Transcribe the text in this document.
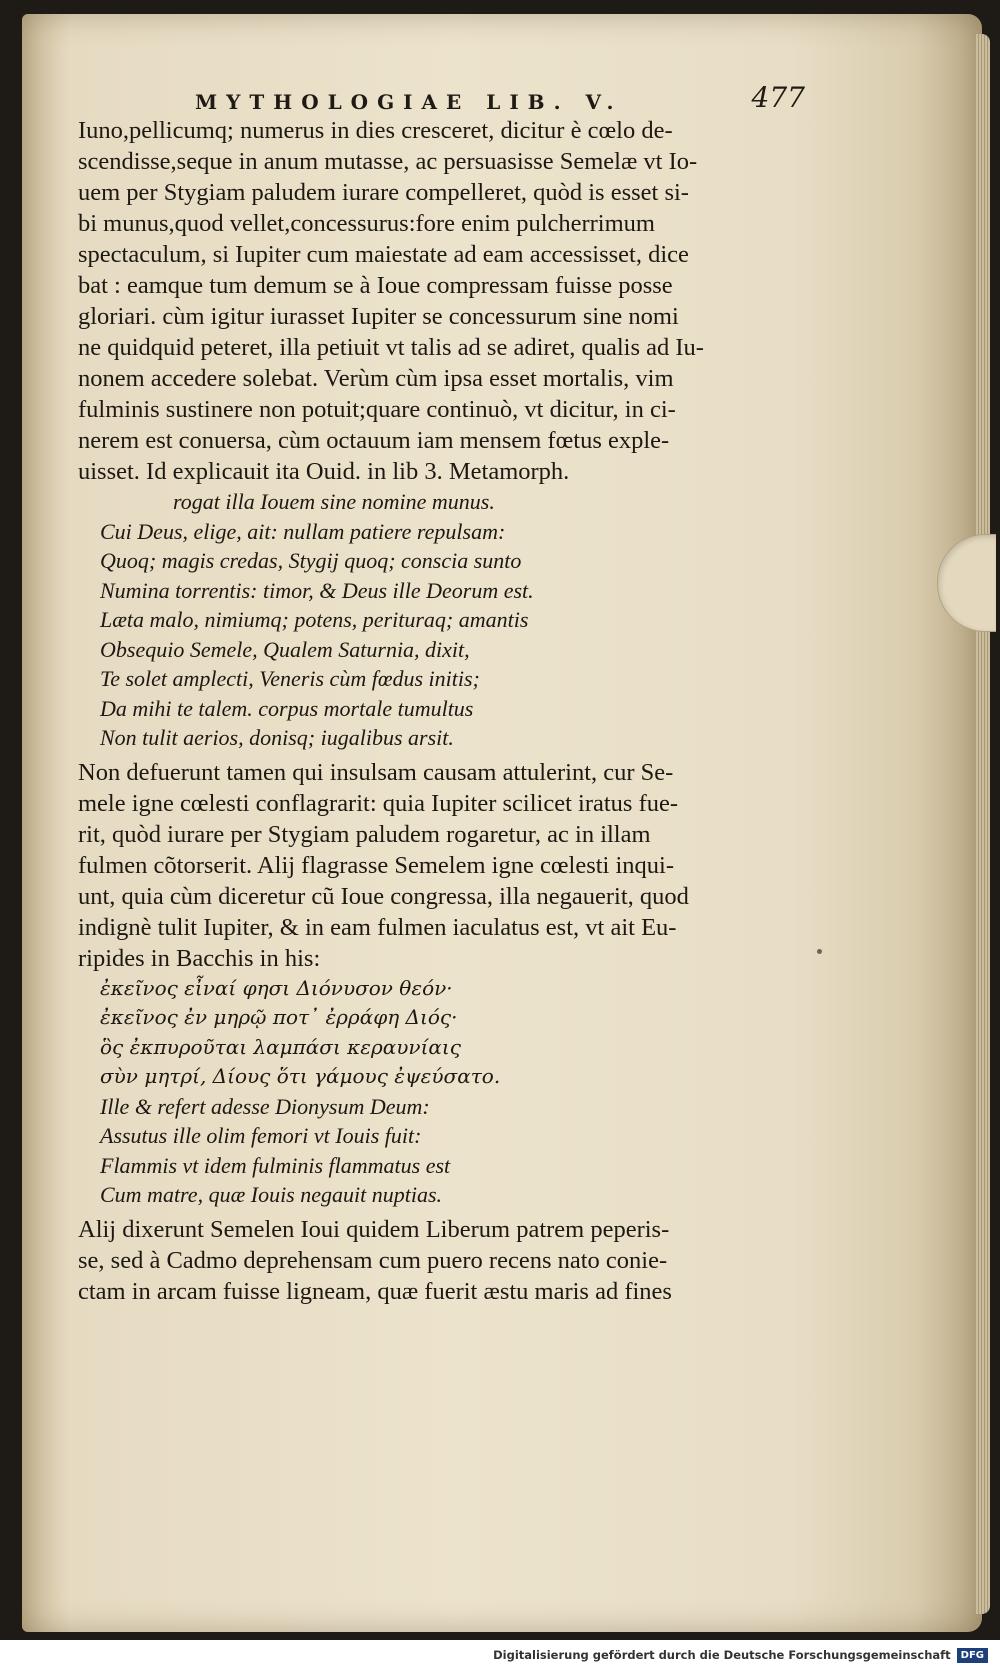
MYTHOLOGIAE LIB. V.	477
Iuno,pellicumq; numerus in dies cresceret, dicitur è cœlo de-
scendisse,seque in anum mutasse, ac persuasisse Semelæ vt Io-
uem per Stygiam paludem iurare compelleret, quòd is esset si-
bi munus,quod vellet,concessurus:fore enim pulcherrimum
spectaculum, si Iupiter cum maiestate ad eam accessisset, dice
bat : eamque tum demum se à Ioue compressam fuisse posse
gloriari. cùm igitur iurasset Iupiter se concessurum sine nomi
ne quidquid peteret, illa petiuit vt talis ad se adiret, qualis ad Iu-
nonem accedere solebat. Verùm cùm ipsa esset mortalis, vim
fulminis sustinere non potuit;quare continuò, vt dicitur, in ci-
nerem est conuersa, cùm octauum iam mensem fœtus exple-
uisset. Id explicauit ita Ouid. in lib 3. Metamorph.
rogat illa Iouem sine nomine munus.
Cui Deus, elige, ait: nullam patiere repulsam:
Quoq; magis credas, Stygij quoq; conscia sunto
Numina torrentis: timor, & Deus ille Deorum est.
Læta malo, nimiumq; potens, perituraq; amantis
Obsequio Semele, Qualem Saturnia, dixit,
Te solet amplecti, Veneris cùm fœdus initis;
Da mihi te talem. corpus mortale tumultus
Non tulit aerios, donisq; iugalibus arsit.
Non defuerunt tamen qui insulsam causam attulerint, cur Se-
mele igne cœlesti conflagrarit: quia Iupiter scilicet iratus fue-
rit, quòd iurare per Stygiam paludem rogaretur, ac in illam
fulmen cõtorserit. Alij flagrasse Semelem igne cœlesti inqui-
unt, quia cùm diceretur cũ Ioue congressa, illa negauerit, quod
indignè tulit Iupiter, & in eam fulmen iaculatus est, vt ait Eu-
ripides in Bacchis in his:
ἐκεῖνος εἶναί φησι Διόνυσον θεόν·
ἐκεῖνος ἐν μηρῷ ποτ᾽ ἐρράφη Διός·
ὃς ἐκπυροῦται λαμπάσι κεραυνίαις
σὺν μητρί, Δίους ὅτι γάμους ἐψεύσατο.
Ille & refert adesse Dionysum Deum:
Assutus ille olim femori vt Iouis fuit:
Flammis vt idem fulminis flammatus est
Cum matre, quæ Iouis negauit nuptias.
Alij dixerunt Semelen Ioui quidem Liberum patrem peperis-
se, sed à Cadmo deprehensam cum puero recens nato conie-
ctam in arcam fuisse ligneam, quæ fuerit æstu maris ad fines
Digitalisierung gefördert durch die Deutsche Forschungsgemeinschaft	DFG
